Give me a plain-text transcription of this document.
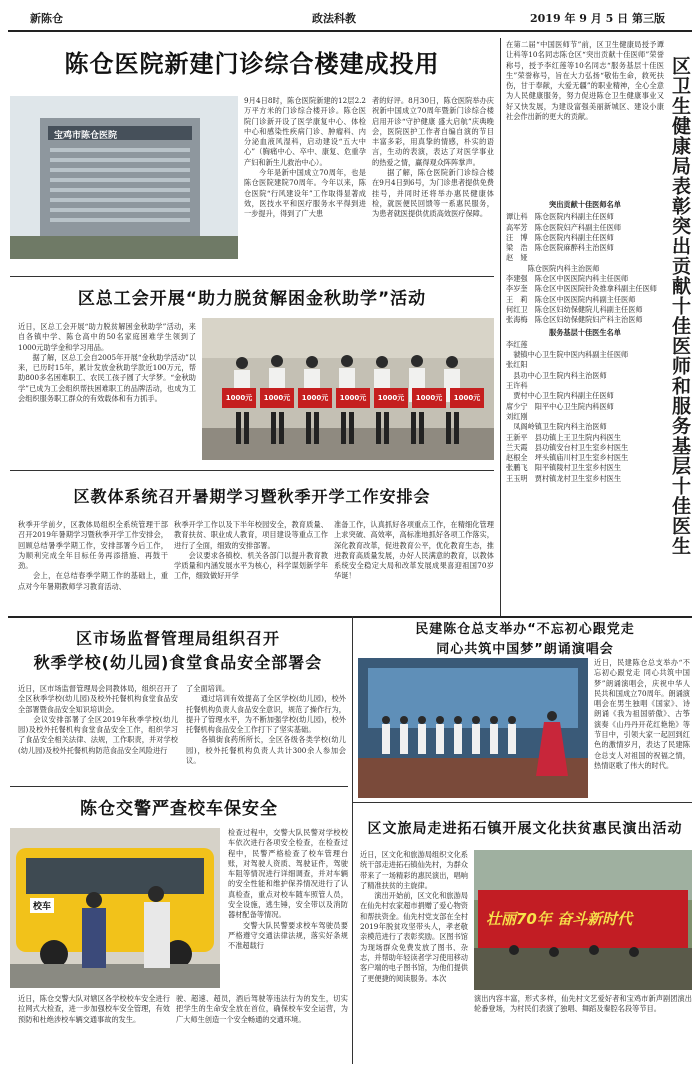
新陈仓	政法科教	2019 年 9 月 5 日 第三版
陈仓医院新建门诊综合楼建成投用
宝鸡市陈仓医院
9月4日8时，陈仓医院新建的12层2.2万平方米的门诊综合楼开诊。陈仓医院门诊新开设了医学康复中心、体检中心和感染性疾病门诊、肿瘤科、内分泌血液风湿科，启动建设“五大中心”（胸痛中心、卒中、康复、危重孕产妇和新生儿救治中心）。
　　今年是新中国成立70周年，也是陈仓医院建院70周年。今年以来，陈仓医院“行风建设年”工作取得显著成效，医技水平和医疗服务水平得到进一步提升，得到了广大患
者的好评。8月30日，陈仓医院举办庆祝新中国成立70周年暨新门诊综合楼启用开诊“守护健康 盛大启航”庆典晚会，医院医护工作者自编自演的节目丰富多彩，用真挚的情感，朴实的语言，生动的表演，表达了对医学事业的热爱之情，赢得观众阵阵掌声。
　　据了解，陈仓医院新门诊综合楼在9月4日到6号，为门诊患者提供免费挂号，并同时还将举办惠民健康体检，就医便民回馈等一系惠民服务，为患者就医提供优质高效医疗保障。
区总工会开展“助力脱贫解困金秋助学”活动
近日，区总工会开展“助力脱贫解困金秋助学”活动，来自各镇中学、陈仓高中的50名家庭困难学生领到了1000元助学金和学习用品。
　　据了解，区总工会自2005年开展“金秋助学活动”以来，已历时15年，累计发放金秋助学款近100万元，帮助800多名困难职工、农民工孩子圆了大学梦。“金秋助学”已成为工会组织帮扶困难职工的品牌活动，也成为工会组织服务职工群众的有效载体和有力抓手。	1000元	1000元	1000元	1000元	1000元	1000元	1000元
区教体系统召开暑期学习暨秋季开学工作安排会
秋季开学前夕，区教体局组织全系统管理干部召开2019年暑期学习暨秋季开学工作安排会，回顾总结暑季学期工作，安排部署今后工作，为顺利完成全年目标任务再添措施、再鼓干劲。
　　会上，在总结春季学期工作的基础上，重点对今年暑期教师学习教育活动、
秋季开学工作以及下半年校园安全，教育质量、教育扶贫、职业成人教育，项目建设等重点工作进行了全面，细致的安排部署。
　　会议要求各镇校、机关各部门以提升教育教学质量和内涵发展水平为核心，科学谋划新学年工作，细致做好开学
准备工作，认真抓好各项重点工作，在精细化管理上求突破、高效率，高标准地抓好各项工作落实，深化教育改革，促进教育公平，优化教育生态，推进教育高质量发展，办好人民满意的教育，以教体系统安全稳定大局和改革发展成果喜迎祖国70岁华诞！
在第二届“中国医师节”前，区卫生健康局授予谭让科等10名同志陈仓区“突出贡献十佳医师”荣誉称号，授予李红莲等10名同志“服务基层十佳医生”荣誉称号，旨在大力弘扬“敬佑生命，救死扶伤，甘于奉献，大爱无疆”的职业精神，全心全意为人民健康服务，努力促进陈仓卫生健康事业又好又快发展，为建设富强美丽新城区、建设小康社会作出新的更大的贡献。
突出贡献十佳医师名单
谭让科　陈仓医院内科副主任医师
高军芳　陈仓医院妇产科副主任医师
汪　博　陈仓医院内科副主任医师
梁　浩　陈仓医院麻醉科主治医师
赵　娅
　　　陈仓医院内科主治医师
李建强　陈仓区中医医院内科主任医师
李岁奎　陈仓区中医医院针灸推拿科副主任医师
王　莉　陈仓区中医医院内科副主任医师
何红卫　陈仓区妇幼保健院儿科副主任医师
张海梅　陈仓区妇幼保健院妇产科主治医师
服务基层十佳医生名单
李红莲
　虢镇中心卫生院中医内科副主任医师
张红阳
　县功中心卫生院内科主治医师
王许科
　贾村中心卫生院内科副主任医师
席少宁　阳平中心卫生院内科医师
刘红刚
　凤阁岭镇卫生院内科主治医师
王新平　县功镇上王卫生院内科医生
兰天霞　县功镇安台村卫生室乡村医生
赵根全　坪头镇庙川村卫生室乡村医生
张鹏飞　阳平镇陵村卫生室乡村医生
王玉明　贾村镇龙村卫生室乡村医生	区卫生健康局表彰突出贡献十佳医师和服务基层十佳医生
区市场监督管理局组织召开
秋季学校(幼儿园)食堂食品安全部署会
近日，区市场监督管理局会同教体局，组织召开了全区秋季学校(幼儿园)及校外托餐机构食堂食品安全部署暨食品安全知识培训会。
　　会议安排部署了全区2019年秋季学校(幼儿园)及校外托餐机构食堂食品安全工作，组织学习了食品安全相关法律、法规，工作职责，并对学校(幼儿园)及校外托餐机构防范食品安全风险进行
了全面培训。
　　通过培训有效提高了全区学校(幼儿园)，校外托餐机构负责人食品安全意识，规范了操作行为，提升了管理水平，为不断加强学校(幼儿园)，校外托餐机构食品安全工作打下了坚实基础。
　　各镇街食药所所长，全区各级各类学校(幼儿园)，校外托餐机构负责人共计300余人参加会议。
民建陈仓总支举办“不忘初心跟党走
同心共筑中国梦”朗诵演唱会
近日，民建陈仓总支举办“不忘初心跟党走 同心共筑中国梦”朗诵演唱会，庆祝中华人民共和国成立70周年。朗诵演唱会在男生独唱《国家》、诗朗诵《我为祖国骄傲》、古筝演奏《山丹丹开花红艳艳》等节目中，引领大家一起回到红色的激情岁月，表达了民建陈仓总支人对祖国的祝福之情，热情讴歌了伟大的时代。
陈仓交警严查校车保安全
校车
检查过程中，交警大队民警对学校校车依次进行各项安全检查，在检查过程中，民警严格检查了校车管理台账，对驾驶人资质、驾驶证件，驾驶车阻等情况进行详细调查，并对车辆的安全性能和维护保养情况进行了认真检查，重点对校车随车照管人员，安全设施，逃生锤，安全带以及消防器材配备等情况。
　　交警大队民警要求校车驾驶员要严格遵守交通法律法规，落实好条规不准超载行
近日，陈仓交警大队对辖区各学校校车安全进行拉网式大检查，进一步加强校车安全管理，有效预防和杜绝涉校车辆交通事故的发生。
驶、超速、超员，酒后驾驶等违法行为的发生，切实把学生的生命安全放在首位，确保校车安全运营，为广大师生创造一个安全畅通的交通环境。
区文旅局走进拓石镇开展文化扶贫惠民演出活动
近日，区文化和旅游局组织文化系统干部走进拓石镇仙先村，为群众带来了一场精彩的惠民演出，唱响了精准扶贫的主旋律。
　　演出开始前，区文化和旅游局在仙先村农家超市捐赠了爱心物资和帮扶资金。仙先村党支部在全村2019年脱贫攻坚带头人，孝老敬亲模范进行了表彰奖励。区图书馆为现场群众免费发放了图书、杂志，并帮助年轻读者学习使用移动客户端的电子图书馆，为他们提供了更便捷的阅读服务。本次
壮丽70年 奋斗新时代
演出内容丰富，形式多样，仙先村文艺爱好者和宝鸡市新声剧团演出轮番登场，为村民们表演了独唱、舞蹈及秦腔名段等节目。
